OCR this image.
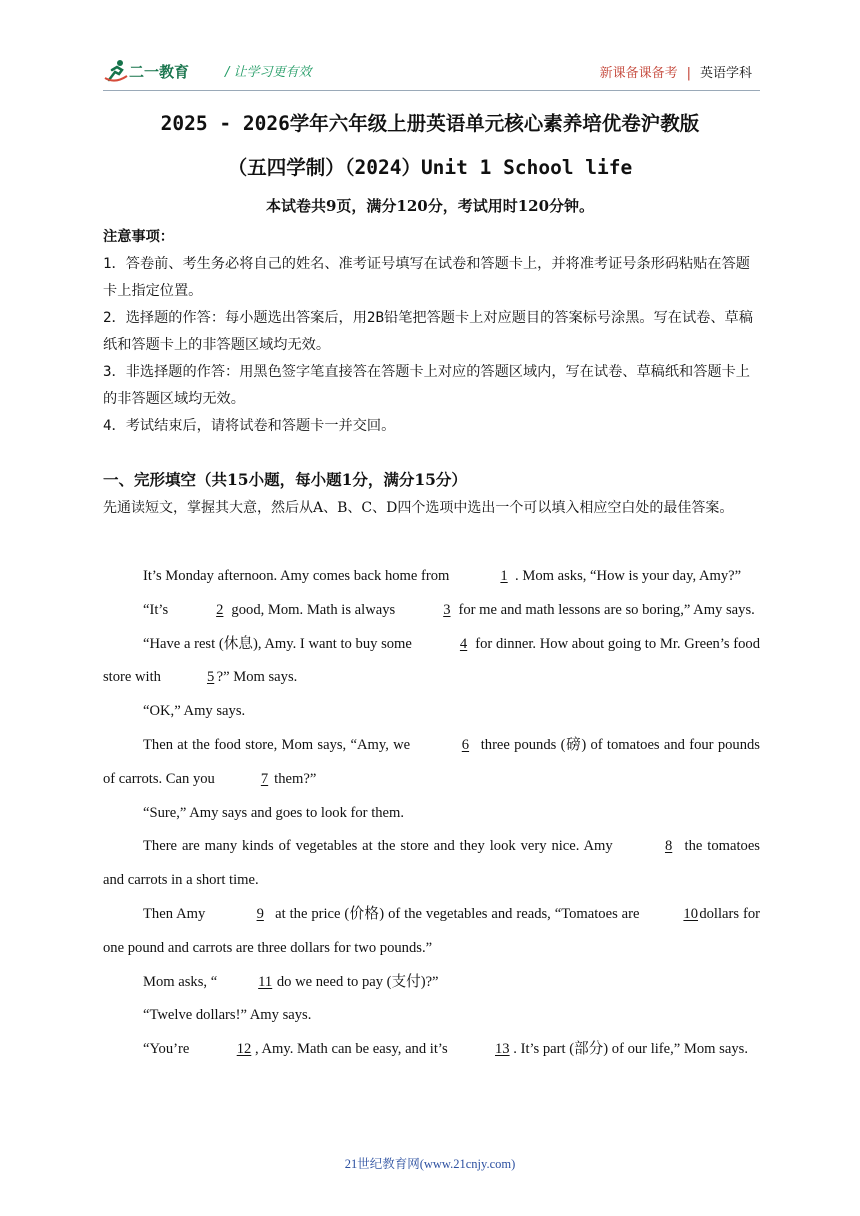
二一教育	/ 让学习更有效	新课备课备考 | 英语学科
2025 - 2026学年六年级上册英语单元核心素养培优卷沪教版
（五四学制）（2024）Unit 1 School life
本试卷共9页，满分120分，考试用时120分钟。

注意事项：

1．答卷前、考生务必将自己的姓名、准考证号填写在试卷和答题卡上，并将准考证号条形码粘贴在答题卡上指定位置。

2．选择题的作答：每小题选出答案后，用2B铅笔把答题卡上对应题目的答案标号涂黑。写在试卷、草稿纸和答题卡上的非答题区域均无效。

3．非选择题的作答：用黑色签字笔直接答在答题卡上对应的答题区域内，写在试卷、草稿纸和答题卡上的非答题区域均无效。

4．考试结束后，请将试卷和答题卡一并交回。

一、完形填空（共15小题，每小题1分，满分15分）
先通读短文，掌握其大意，然后从A、B、C、D四个选项中选出一个可以填入相应空白处的最佳答案。

It’s Monday afternoon. Amy comes back home from	1 . Mom asks, “How is your day, Amy?”

“It’s	2 good, Mom. Math is always	3 for me and math lessons are so boring,” Amy says.

“Have a rest (休息), Amy. I want to buy some	4 for dinner. How about going to Mr. Green’s food store with	5 ?” Mom says.

“OK,” Amy says.

Then at the food store, Mom says, “Amy, we	6 three pounds (磅) of tomatoes and four pounds of carrots. Can you	7 them?”

“Sure,” Amy says and goes to look for them.

There are many kinds of vegetables at the store and they look very nice. Amy	8 the tomatoes and carrots in a short time.

Then Amy	9 at the price (价格) of the vegetables and reads, “Tomatoes are	10 dollars for one pound and carrots are three dollars for two pounds.”

Mom asks, “	11 do we need to pay (支付)?”

“Twelve dollars!” Amy says.

“You’re	12 , Amy. Math can be easy, and it’s	13 . It’s part (部分) of our life,” Mom says.

21世纪教育网(www.21cnjy.com)
